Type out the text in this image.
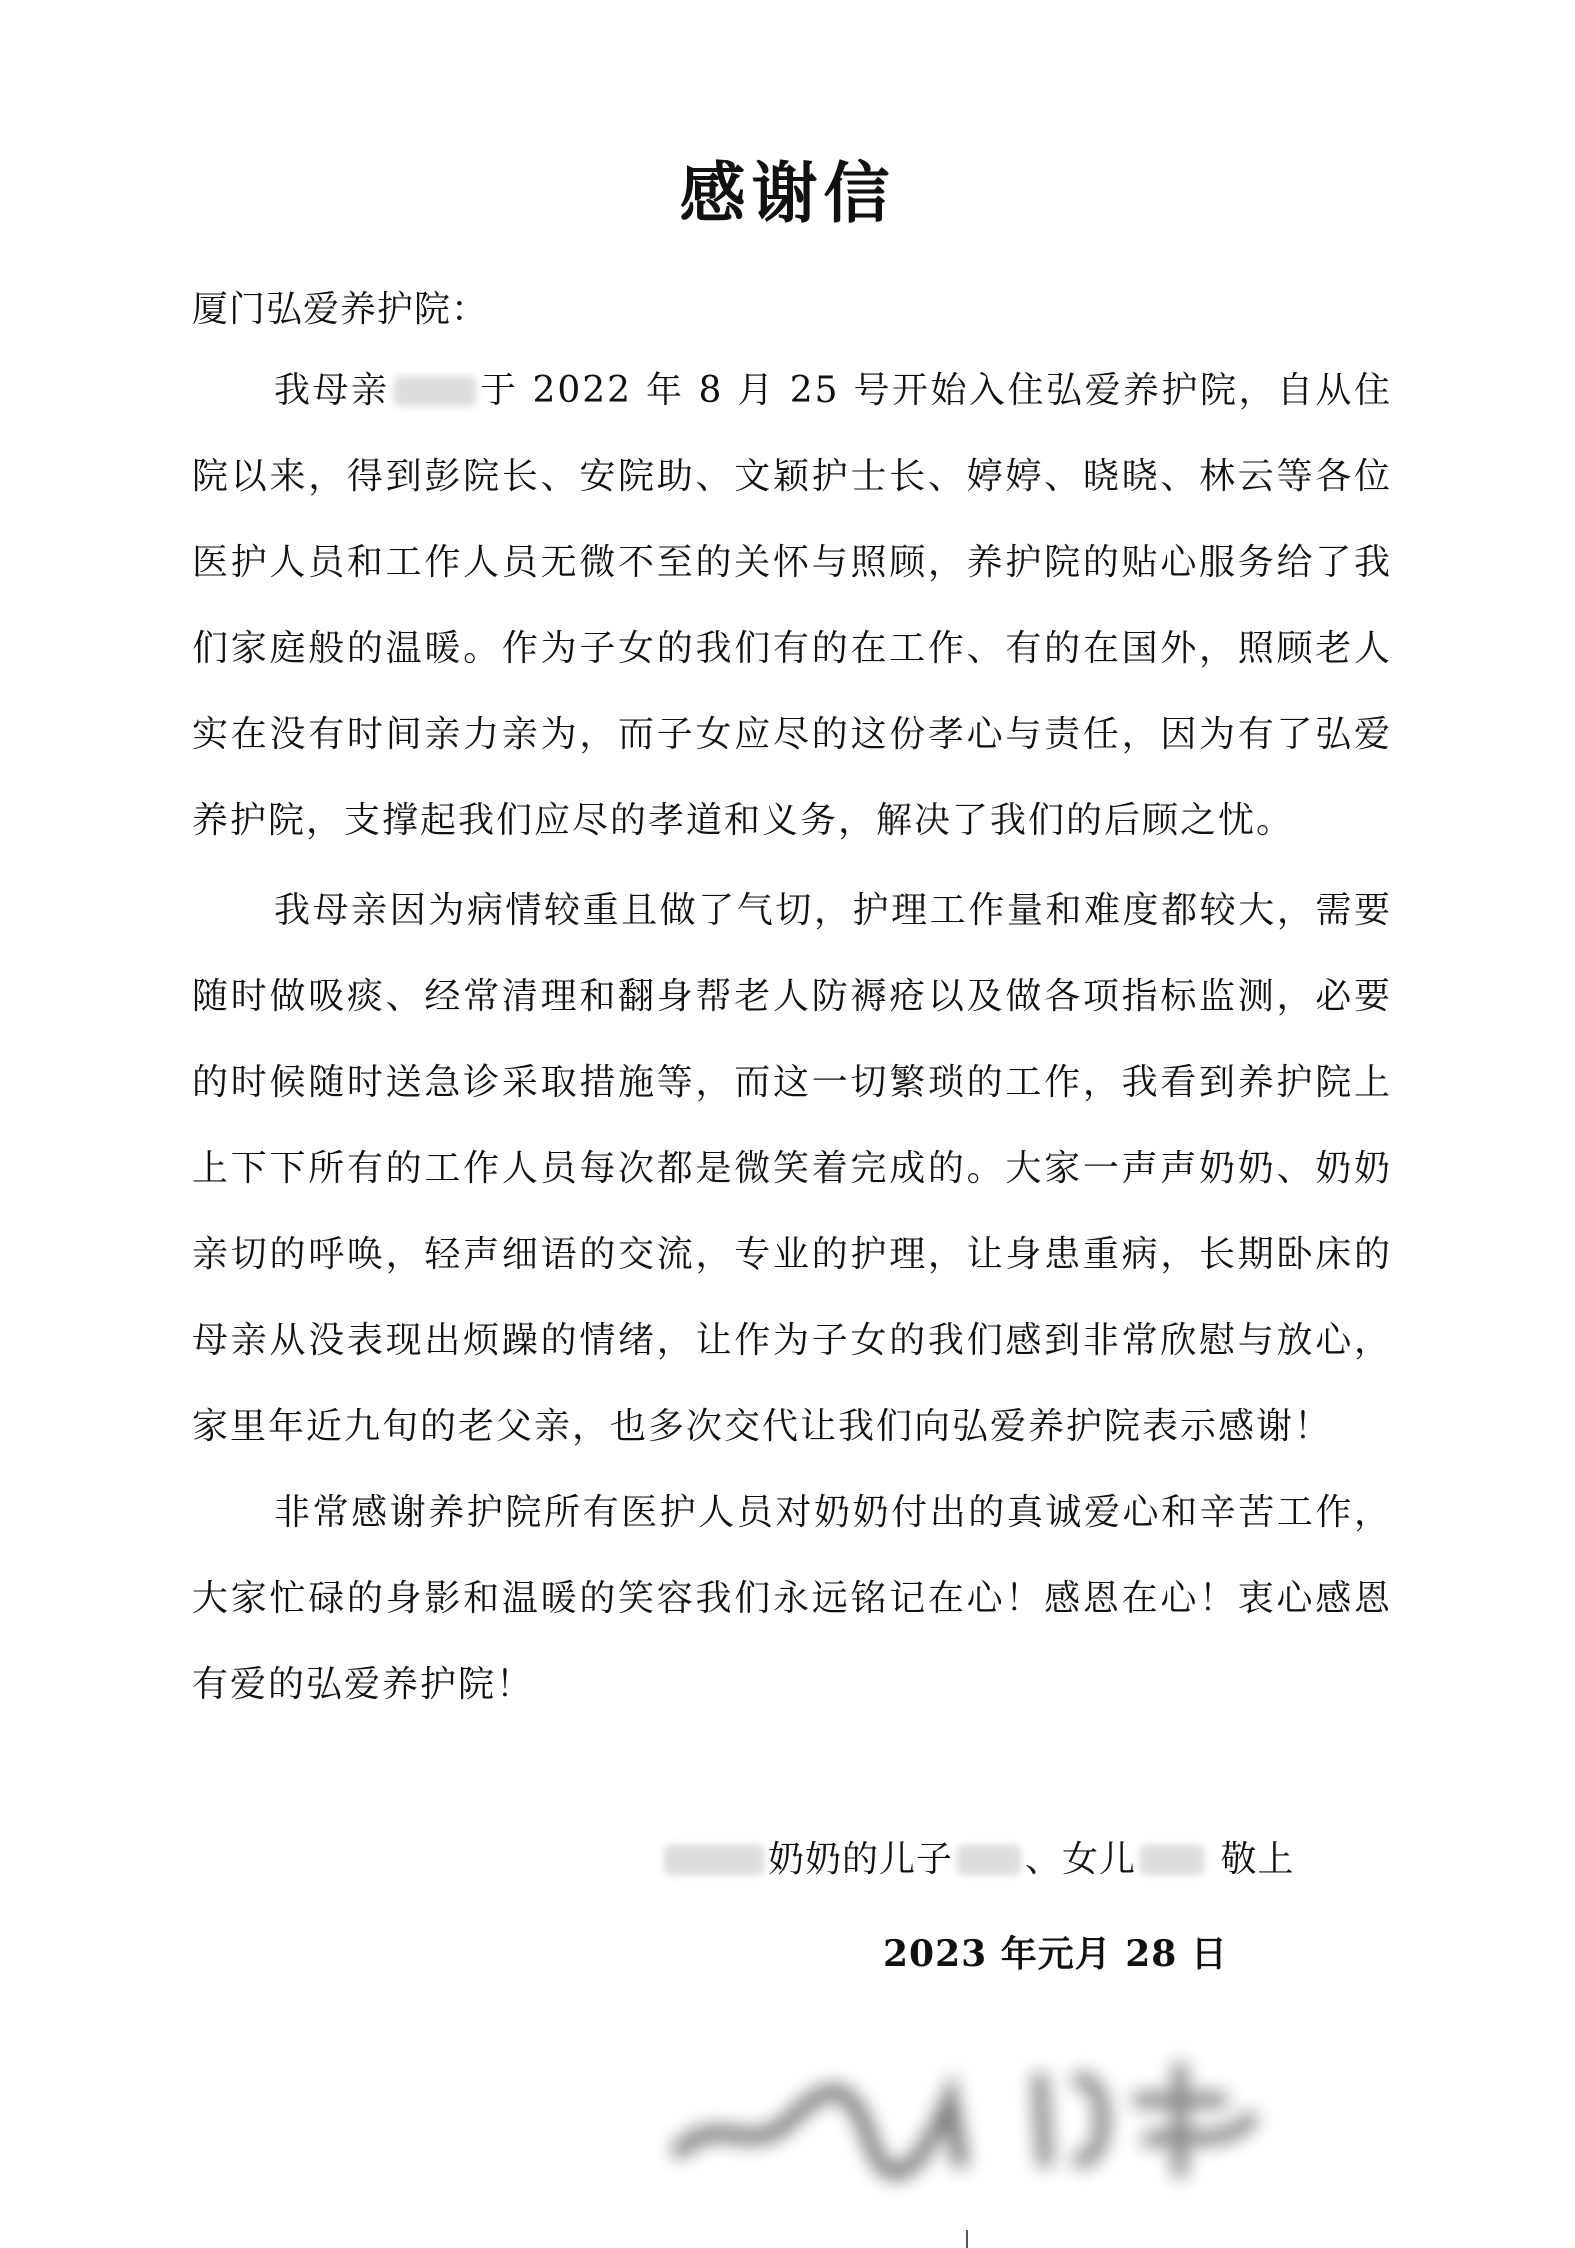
感谢信
厦门弘爱养护院：

我母亲	于 2022 年 8 月 25 号开始入住弘爱养护院，自从住院以来，得到彭院长、安院助、文颖护士长、婷婷、晓晓、林云等各位医护人员和工作人员无微不至的关怀与照顾，养护院的贴心服务给了我们家庭般的温暖。作为子女的我们有的在工作、有的在国外，照顾老人实在没有时间亲力亲为，而子女应尽的这份孝心与责任，因为有了弘爱养护院，支撑起我们应尽的孝道和义务，解决了我们的后顾之忧。

我母亲因为病情较重且做了气切，护理工作量和难度都较大，需要随时做吸痰、经常清理和翻身帮老人防褥疮以及做各项指标监测，必要的时候随时送急诊采取措施等，而这一切繁琐的工作，我看到养护院上上下下所有的工作人员每次都是微笑着完成的。大家一声声奶奶、奶奶亲切的呼唤，轻声细语的交流，专业的护理，让身患重病，长期卧床的母亲从没表现出烦躁的情绪，让作为子女的我们感到非常欣慰与放心，家里年近九旬的老父亲，也多次交代让我们向弘爱养护院表示感谢！

非常感谢养护院所有医护人员对奶奶付出的真诚爱心和辛苦工作，大家忙碌的身影和温暖的笑容我们永远铭记在心！感恩在心！衷心感恩有爱的弘爱养护院！

奶奶的儿子 、女儿 敬上
2023 年元月 28 日
